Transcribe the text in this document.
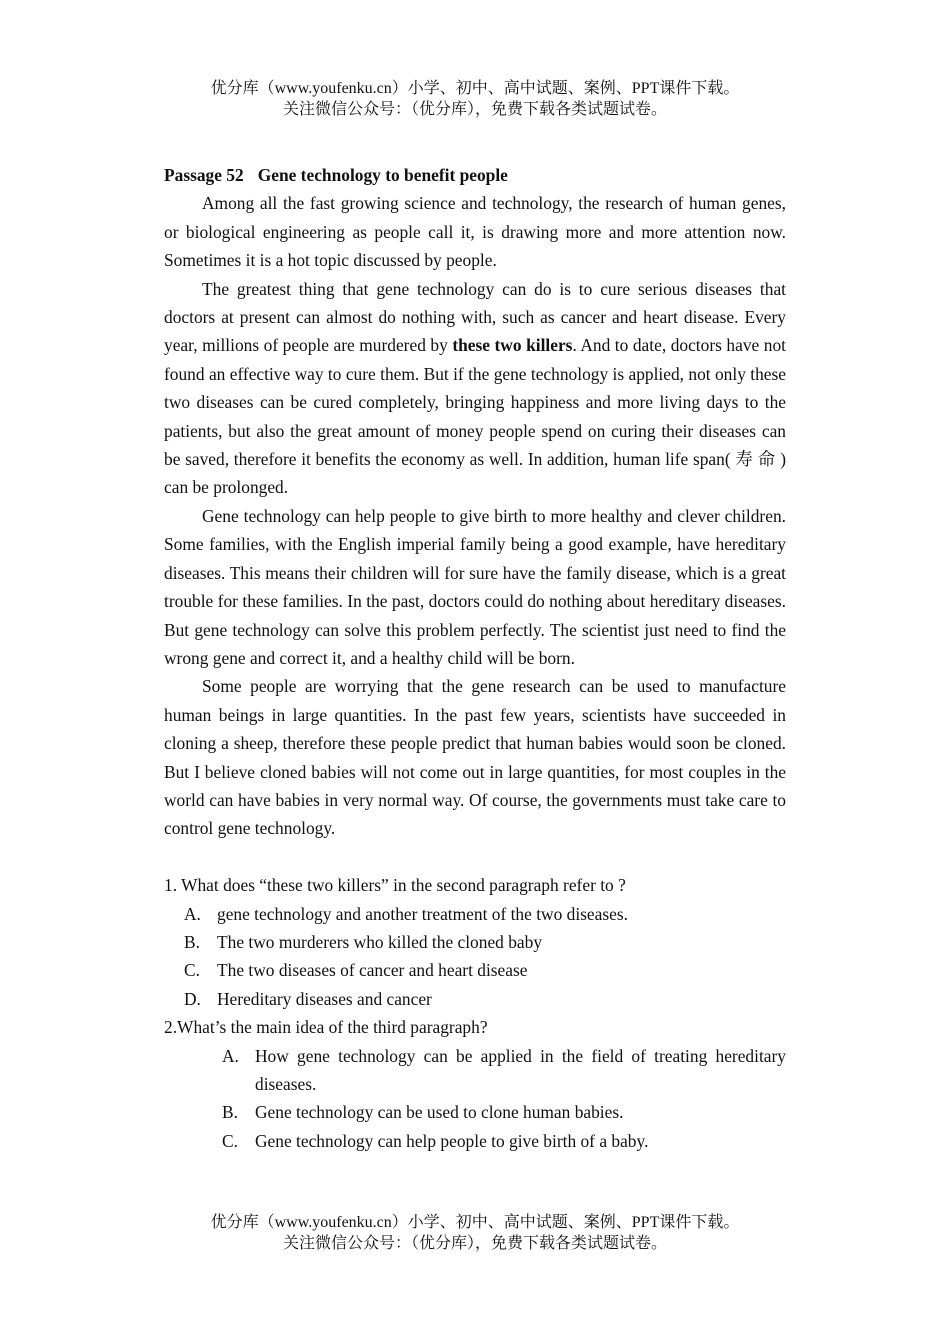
优分库（www.youfenku.cn）小学、初中、高中试题、案例、PPT课件下载。
关注微信公众号：（优分库），免费下载各类试题试卷。
Passage 52 Gene technology to benefit people

Among all the fast growing science and technology, the research of human genes, or biological engineering as people call it, is drawing more and more attention now. Sometimes it is a hot topic discussed by people.

The greatest thing that gene technology can do is to cure serious diseases that doctors at present can almost do nothing with, such as cancer and heart disease. Every year, millions of people are murdered by these two killers. And to date, doctors have not found an effective way to cure them. But if the gene technology is applied, not only these two diseases can be cured completely, bringing happiness and more living days to the patients, but also the great amount of money people spend on curing their diseases can be saved, therefore it benefits the economy as well. In addition, human life span( 寿 命 ) can be prolonged.

Gene technology can help people to give birth to more healthy and clever children. Some families, with the English imperial family being a good example, have hereditary diseases. This means their children will for sure have the family disease, which is a great trouble for these families. In the past, doctors could do nothing about hereditary diseases. But gene technology can solve this problem perfectly. The scientist just need to find the wrong gene and correct it, and a healthy child will be born.

Some people are worrying that the gene research can be used to manufacture human beings in large quantities. In the past few years, scientists have succeeded in cloning a sheep, therefore these people predict that human babies would soon be cloned. But I believe cloned babies will not come out in large quantities, for most couples in the world can have babies in very normal way. Of course, the governments must take care to control gene technology.

1. What does “these two killers” in the second paragraph refer to ?
A. gene technology and another treatment of the two diseases.
B. The two murderers who killed the cloned baby
C. The two diseases of cancer and heart disease
D. Hereditary diseases and cancer
2.What’s the main idea of the third paragraph?
A. How gene technology can be applied in the field of treating hereditary diseases.
B. Gene technology can be used to clone human babies.
C. Gene technology can help people to give birth of a baby.
优分库（www.youfenku.cn）小学、初中、高中试题、案例、PPT课件下载。
关注微信公众号：（优分库），免费下载各类试题试卷。
